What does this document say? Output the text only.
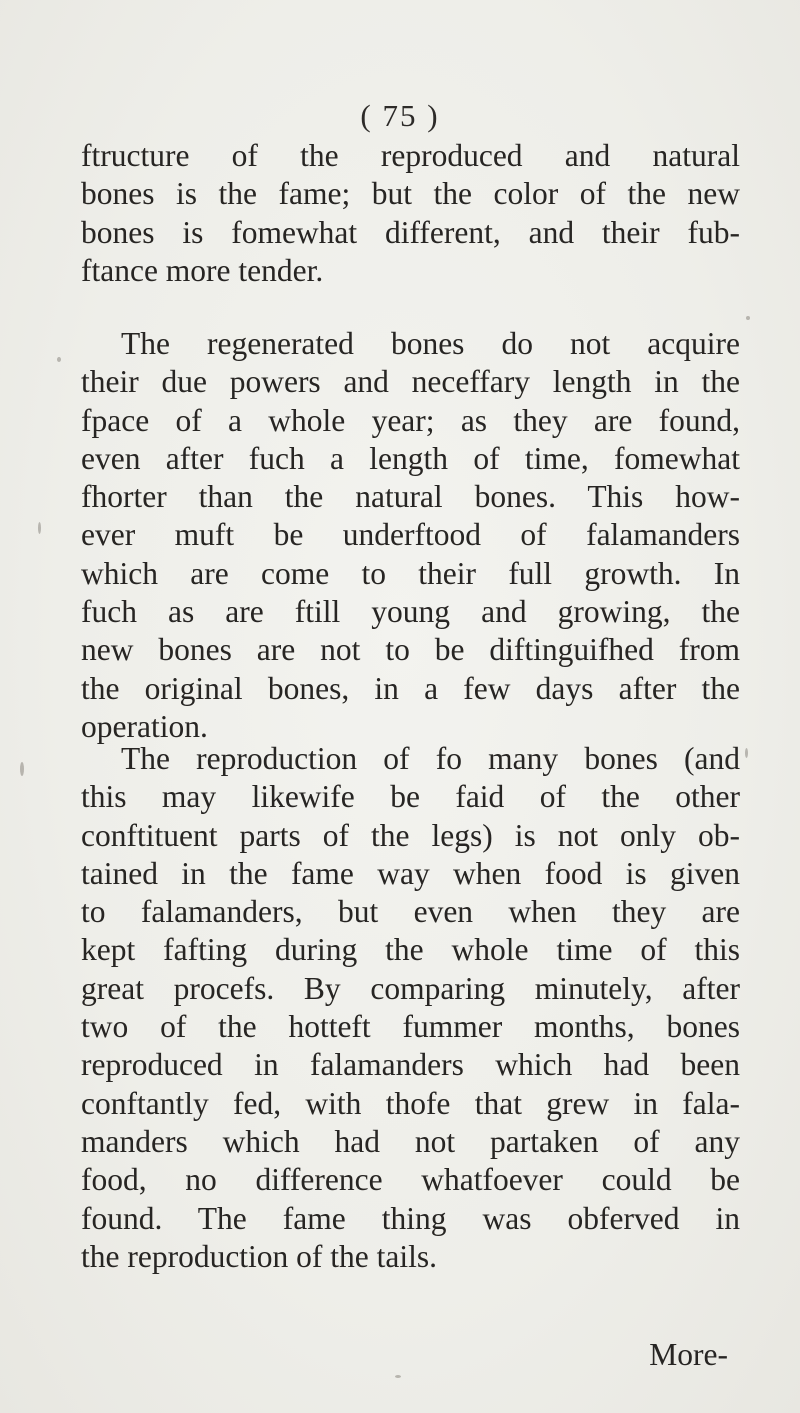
( 75 )
ftructure of the reproduced and natural
bones is the fame; but the color of the new
bones is fomewhat different, and their fub-
ftance more tender.
The regenerated bones do not acquire
their due powers and neceffary length in the
fpace of a whole year; as they are found,
even after fuch a length of time, fomewhat
fhorter than the natural bones. This how-
ever muft be underftood of falamanders
which are come to their full growth. In
fuch as are ftill young and growing, the
new bones are not to be diftinguifhed from
the original bones, in a few days after the
operation.
The reproduction of fo many bones (and
this may likewife be faid of the other
conftituent parts of the legs) is not only ob-
tained in the fame way when food is given
to falamanders, but even when they are
kept fafting during the whole time of this
great procefs. By comparing minutely, after
two of the hotteft fummer months, bones
reproduced in falamanders which had been
conftantly fed, with thofe that grew in fala-
manders which had not partaken of any
food, no difference whatfoever could be
found. The fame thing was obferved in
the reproduction of the tails.
More-
